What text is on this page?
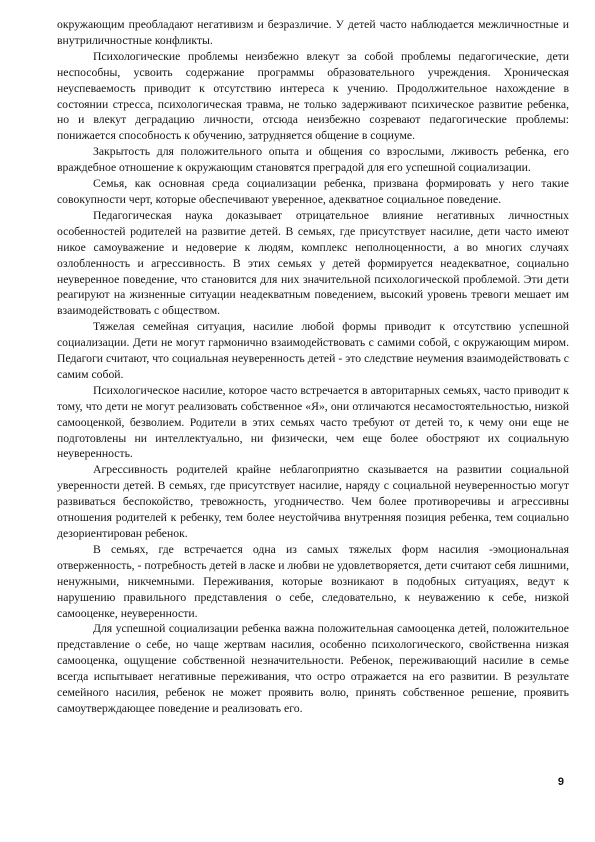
окружающим преобладают негативизм и безразличие. У детей часто наблюдается межличностные и внутриличностные конфликты.

Психологические проблемы неизбежно влекут за собой проблемы педагогические, дети неспособны, усвоить содержание программы образовательного учреждения. Хроническая неуспеваемость приводит к отсутствию интереса к учению. Продолжительное нахождение в состоянии стресса, психологическая травма, не только задерживают психическое развитие ребенка, но и влекут деградацию личности, отсюда неизбежно созревают педагогические проблемы: понижается способность к обучению, затрудняется общение в социуме.

Закрытость для положительного опыта и общения со взрослыми, лживость ребенка, его враждебное отношение к окружающим становятся преградой для его успешной социализации.

Семья, как основная среда социализации ребенка, призвана формировать у него такие совокупности черт, которые обеспечивают уверенное, адекватное социальное поведение.

Педагогическая наука доказывает отрицательное влияние негативных личностных особенностей родителей на развитие детей. В семьях, где присутствует насилие, дети часто имеют никое самоуважение и недоверие к людям, комплекс неполноценности, а во многих случаях озлобленность и агрессивность. В этих семьях у детей формируется неадекватное, социально неуверенное поведение, что становится для них значительной психологической проблемой. Эти дети реагируют на жизненные ситуации неадекватным поведением, высокий уровень тревоги мешает им взаимодействовать с обществом.

Тяжелая семейная ситуация, насилие любой формы приводит к отсутствию успешной социализации. Дети не могут гармонично взаимодействовать с самими собой, с окружающим миром. Педагоги считают, что социальная неуверенность детей - это следствие неумения взаимодействовать с самим собой.

Психологическое насилие, которое часто встречается в авторитарных семьях, часто приводит к тому, что дети не могут реализовать собственное «Я», они отличаются несамостоятельностью, низкой самооценкой, безволием. Родители в этих семьях часто требуют от детей то, к чему они еще не подготовлены ни интеллектуально, ни физически, чем еще более обостряют их социальную неуверенность.

Агрессивность родителей крайне неблагоприятно сказывается на развитии социальной уверенности детей. В семьях, где присутствует насилие, наряду с социальной неуверенностью могут развиваться беспокойство, тревожность, угодничество. Чем более противоречивы и агрессивны отношения родителей к ребенку, тем более неустойчива внутренняя позиция ребенка, тем социально дезориентирован ребенок.

В семьях, где встречается одна из самых тяжелых форм насилия -эмоциональная отверженность, - потребность детей в ласке и любви не удовлетворяется, дети считают себя лишними, ненужными, никчемными. Переживания, которые возникают в подобных ситуациях, ведут к нарушению правильного представления о себе, следовательно, к неуважению к себе, низкой самооценке, неуверенности.

Для успешной социализации ребенка важна положительная самооценка детей, положительное представление о себе, но чаще жертвам насилия, особенно психологического, свойственна низкая самооценка, ощущение собственной незначительности. Ребенок, переживающий насилие в семье всегда испытывает негативные переживания, что остро отражается на его развитии. В результате семейного насилия, ребенок не может проявить волю, принять собственное решение, проявить самоутверждающее поведение и реализовать его.

9
